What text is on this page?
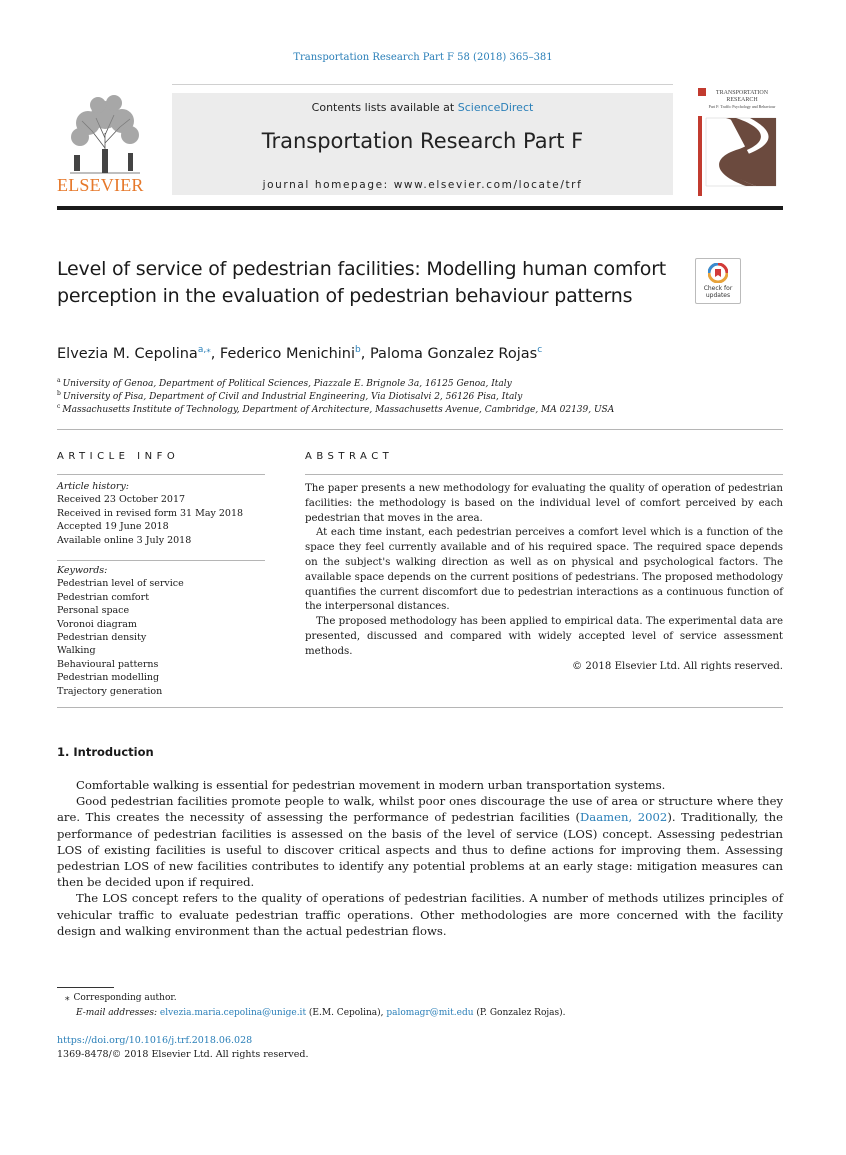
Transportation Research Part F 58 (2018) 365–381
ELSEVIER
Contents lists available at ScienceDirect
Transportation Research Part F
journal homepage: www.elsevier.com/locate/trf
TRANSPORTATION
RESEARCH
Part F: Traffic Psychology and Behaviour
Level of service of pedestrian facilities: Modelling human comfort perception in the evaluation of pedestrian behaviour patterns	Check for
updates
Elvezia M. Cepolina$^{a,⁎}$, Federico Menichini$^b$, Paloma Gonzalez Rojas$^c$
$^a$ University of Genoa, Department of Political Sciences, Piazzale E. Brignole 3a, 16125 Genoa, Italy
$^b$ University of Pisa, Department of Civil and Industrial Engineering, Via Diotisalvi 2, 56126 Pisa, Italy
$^c$ Massachusetts Institute of Technology, Department of Architecture, Massachusetts Avenue, Cambridge, MA 02139, USA
ARTICLE INFO
Article history:
Received 23 October 2017
Received in revised form 31 May 2018
Accepted 19 June 2018
Available online 3 July 2018
Keywords:
Pedestrian level of service
Pedestrian comfort
Personal space
Voronoi diagram
Pedestrian density
Walking
Behavioural patterns
Pedestrian modelling
Trajectory generation
ABSTRACT

The paper presents a new methodology for evaluating the quality of operation of pedestrian facilities: the methodology is based on the individual level of comfort perceived by each pedestrian that moves in the area.

At each time instant, each pedestrian perceives a comfort level which is a function of the space they feel currently available and of his required space. The required space depends on the subject's walking direction as well as on physical and psychological factors. The available space depends on the current positions of pedestrians. The proposed methodology quantifies the current discomfort due to pedestrian interactions as a continuous function of the interpersonal distances.

The proposed methodology has been applied to empirical data. The experimental data are presented, discussed and compared with widely accepted level of service assessment methods.

© 2018 Elsevier Ltd. All rights reserved.

1. Introduction

Comfortable walking is essential for pedestrian movement in modern urban transportation systems.

Good pedestrian facilities promote people to walk, whilst poor ones discourage the use of area or structure where they are. This creates the necessity of assessing the performance of pedestrian facilities (Daamen, 2002). Traditionally, the performance of pedestrian facilities is assessed on the basis of the level of service (LOS) concept. Assessing pedestrian LOS of existing facilities is useful to discover critical aspects and thus to define actions for improving them. Assessing pedestrian LOS of new facilities contributes to identify any potential problems at an early stage: mitigation measures can then be decided upon if required.

The LOS concept refers to the quality of operations of pedestrian facilities. A number of methods utilizes principles of vehicular traffic to evaluate pedestrian traffic operations. Other methodologies are more concerned with the facility design and walking environment than the actual pedestrian flows.

⁎ Corresponding author.
E-mail addresses: elvezia.maria.cepolina@unige.it (E.M. Cepolina), palomagr@mit.edu (P. Gonzalez Rojas).
https://doi.org/10.1016/j.trf.2018.06.028
1369-8478/© 2018 Elsevier Ltd. All rights reserved.
